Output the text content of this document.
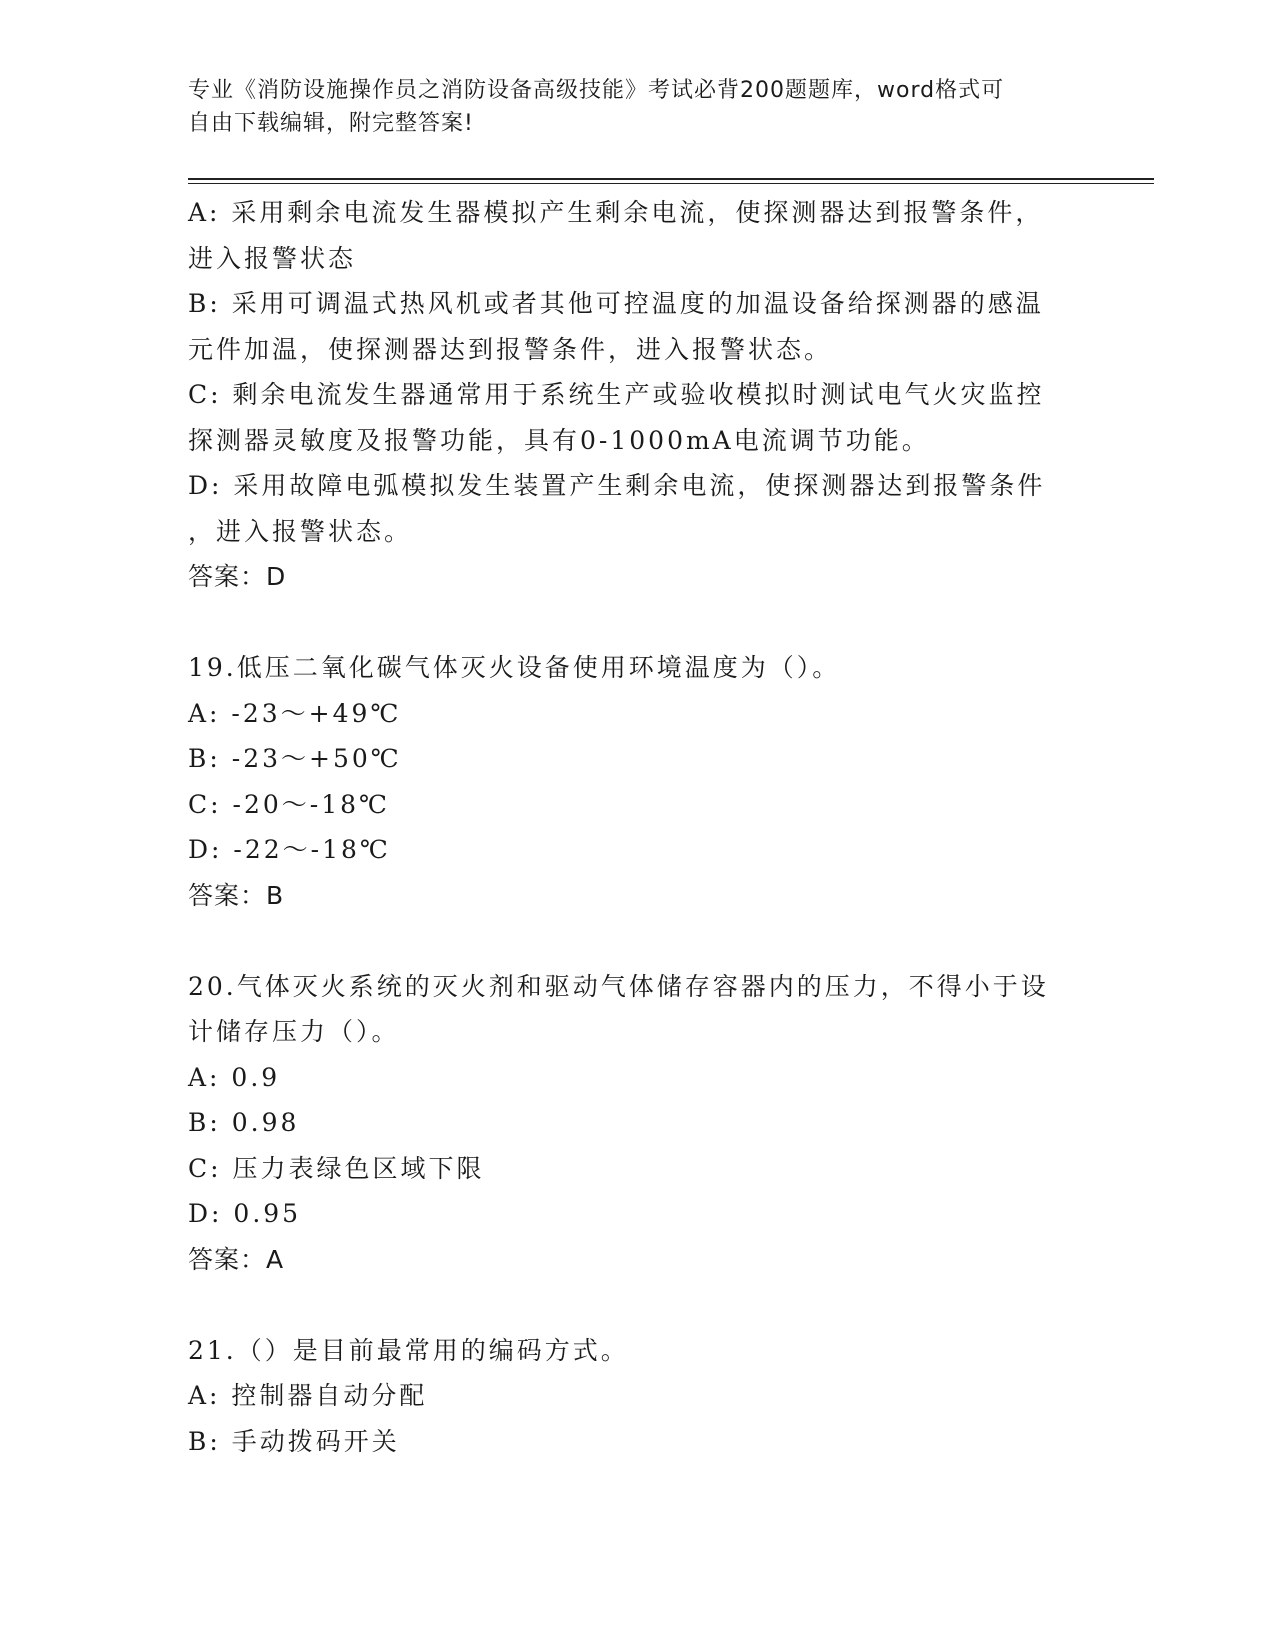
专业《消防设施操作员之消防设备高级技能》考试必背200题题库，word格式可
自由下载编辑，附完整答案!
A: 采用剩余电流发生器模拟产生剩余电流，使探测器达到报警条件，
进入报警状态
B: 采用可调温式热风机或者其他可控温度的加温设备给探测器的感温
元件加温，使探测器达到报警条件，进入报警状态。
C: 剩余电流发生器通常用于系统生产或验收模拟时测试电气火灾监控
探测器灵敏度及报警功能，具有0-1000mA电流调节功能。
D: 采用故障电弧模拟发生装置产生剩余电流，使探测器达到报警条件
，进入报警状态。
答案：D
19.低压二氧化碳气体灭火设备使用环境温度为（）。
A: -23～+49℃
B: -23～+50℃
C: -20～-18℃
D: -22～-18℃
答案：B
20.气体灭火系统的灭火剂和驱动气体储存容器内的压力，不得小于设
计储存压力（）。
A: 0.9
B: 0.98
C: 压力表绿色区域下限
D: 0.95
答案：A
21.（）是目前最常用的编码方式。
A: 控制器自动分配
B: 手动拨码开关
